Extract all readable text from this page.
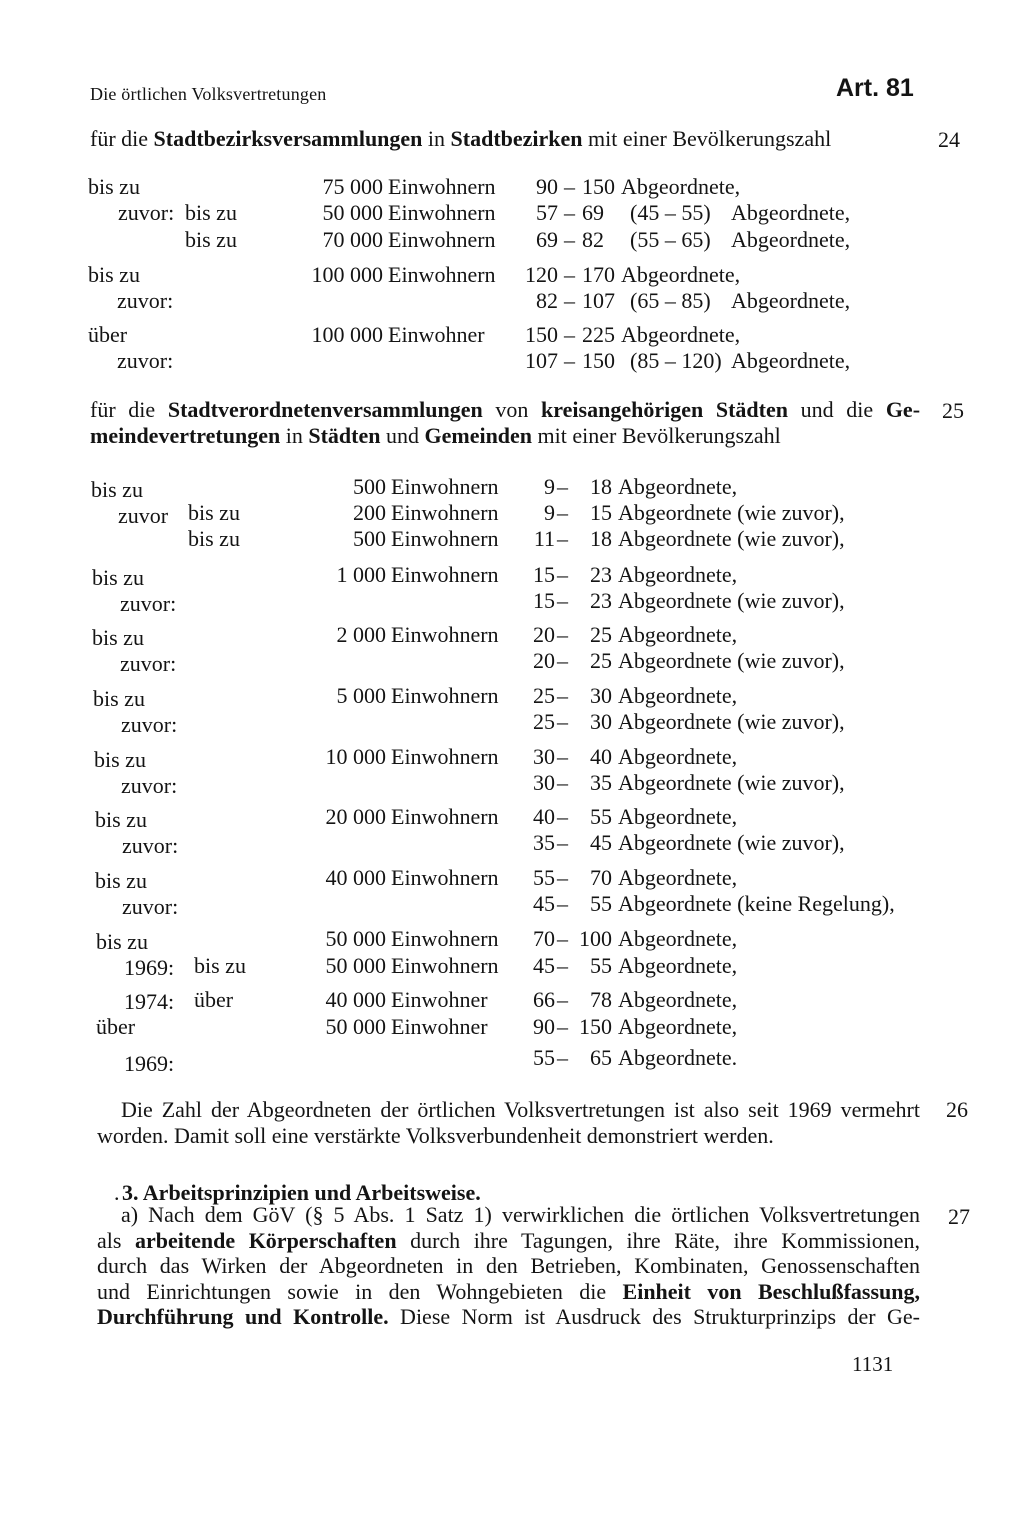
Die örtlichen Volksvertretungen	Art. 81
für die Stadtbezirksversammlungen in Stadtbezirken mit einer Bevölkerungszahl	24
bis zu	75 000 Einwohnern 90 – 150 Abgeordnete,
zuvor: bis zu	50 000 Einwohnern 57 – 69 (45 – 55) Abgeordnete,
bis zu	70 000 Einwohnern 69 – 82 (55 – 65) Abgeordnete,
bis zu	100 000 Einwohnern 120 – 170 Abgeordnete,
zuvor:	82 – 107 (65 – 85) Abgeordnete,
über	100 000 Einwohner 150 – 225 Abgeordnete,
zuvor:	107 – 150 (85 – 120) Abgeordnete,
für die Stadtverordnetenversammlungen von kreisangehörigen Städten und die Ge-
meindevertretungen in Städten und Gemeinden mit einer Bevölkerungszahl
25
bis zu	500 Einwohnern 9 – 18 Abgeordnete,
zuvor bis zu	200 Einwohnern 9 – 15 Abgeordnete (wie zuvor),
bis zu	500 Einwohnern 11 – 18 Abgeordnete (wie zuvor),
bis zu	1 000 Einwohnern 15 – 23 Abgeordnete,
zuvor:	15 – 23 Abgeordnete (wie zuvor),
bis zu	2 000 Einwohnern 20 – 25 Abgeordnete,
zuvor:	20 – 25 Abgeordnete (wie zuvor),
bis zu	5 000 Einwohnern 25 – 30 Abgeordnete,
zuvor:	25 – 30 Abgeordnete (wie zuvor),
bis zu	10 000 Einwohnern 30 – 40 Abgeordnete,
zuvor:	30 – 35 Abgeordnete (wie zuvor),
bis zu	20 000 Einwohnern 40 – 55 Abgeordnete,
zuvor:	35 – 45 Abgeordnete (wie zuvor),
bis zu	40 000 Einwohnern 55 – 70 Abgeordnete,
zuvor:	45 – 55 Abgeordnete (keine Regelung),
bis zu	50 000 Einwohnern 70 – 100 Abgeordnete,
1969: bis zu	50 000 Einwohnern 45 – 55 Abgeordnete,
1974: über	40 000 Einwohner 66 – 78 Abgeordnete,
über	50 000 Einwohner 90 – 150 Abgeordnete,
1969:	55 – 65 Abgeordnete.
Die Zahl der Abgeordneten der örtlichen Volksvertretungen ist also seit 1969 vermehrt
worden. Damit soll eine verstärkte Volksverbundenheit demonstriert werden.
26
. 3. Arbeitsprinzipien und Arbeitsweise.
a) Nach dem GöV (§ 5 Abs. 1 Satz 1) verwirklichen die örtlichen Volksvertretungen
als arbeitende Körperschaften durch ihre Tagungen, ihre Räte, ihre Kommissionen,
durch das Wirken der Abgeordneten in den Betrieben, Kombinaten, Genossenschaften
und Einrichtungen sowie in den Wohngebieten die Einheit von Beschlußfassung,
Durchführung und Kontrolle. Diese Norm ist Ausdruck des Strukturprinzips der Ge-
27
1131
